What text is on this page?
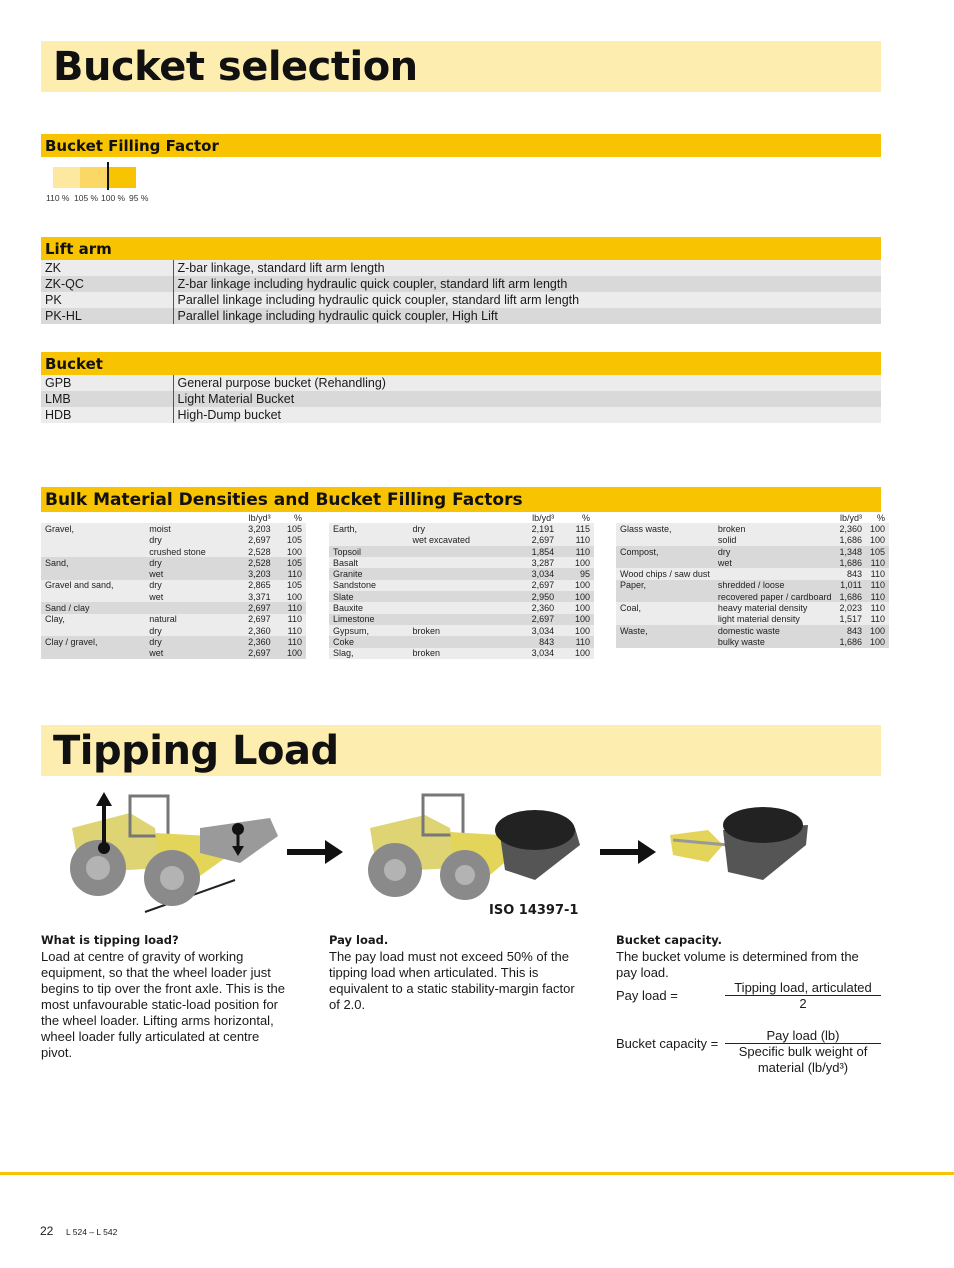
Bucket selection
Bucket Filling Factor
110 % 105 % 100 % 95 %
Lift arm
ZK	Z-bar linkage, standard lift arm length
ZK-QC	Z-bar linkage including hydraulic quick coupler, standard lift arm length
PK	Parallel linkage including hydraulic quick coupler, standard lift arm length
PK-HL	Parallel linkage including hydraulic quick coupler, High Lift
Bucket
GPB	General purpose bucket (Rehandling)
LMB	Light Material Bucket
HDB	High-Dump bucket
Bulk Material Densities and Bucket Filling Factors
		lb/yd³	%
Gravel,	moist	3,203	105
	dry	2,697	105
	crushed stone	2,528	100
Sand,	dry	2,528	105
	wet	3,203	110
Gravel and sand,	dry	2,865	105
	wet	3,371	100
Sand / clay		2,697	110
Clay,	natural	2,697	110
	dry	2,360	110
Clay / gravel,	dry	2,360	110
	wet	2,697	100
		lb/yd³	%
Earth,	dry	2,191	115
	wet excavated	2,697	110
Topsoil		1,854	110
Basalt		3,287	100
Granite		3,034	95
Sandstone		2,697	100
Slate		2,950	100
Bauxite		2,360	100
Limestone		2,697	100
Gypsum,	broken	3,034	100
Coke		843	110
Slag,	broken	3,034	100
		lb/yd³	%
Glass waste,	broken	2,360	100
	solid	1,686	100
Compost,	dry	1,348	105
	wet	1,686	110
Wood chips / saw dust		843	110
Paper,	shredded / loose	1,011	110
	recovered paper / cardboard	1,686	110
Coal,	heavy material density	2,023	110
	light material density	1,517	110
Waste,	domestic waste	843	100
	bulky waste	1,686	100
Tipping Load
ISO 14397-1
What is tipping load?

Load at centre of gravity of working equipment, so that the wheel loader just begins to tip over the front axle. This is the most unfavourable static-load position for the wheel loader. Lifting arms horizontal, wheel loader fully articulated at centre pivot.

Pay load.

The pay load must not exceed 50% of the tipping load when articulated. This is equivalent to a static stability-margin factor of 2.0.

Bucket capacity.

The bucket volume is determined from the pay load.

Pay load =
Tipping load, articulated
2
Bucket capacity =
Pay load (lb)
Specific bulk weight of material (lb/yd³)
22 L 524 – L 542
